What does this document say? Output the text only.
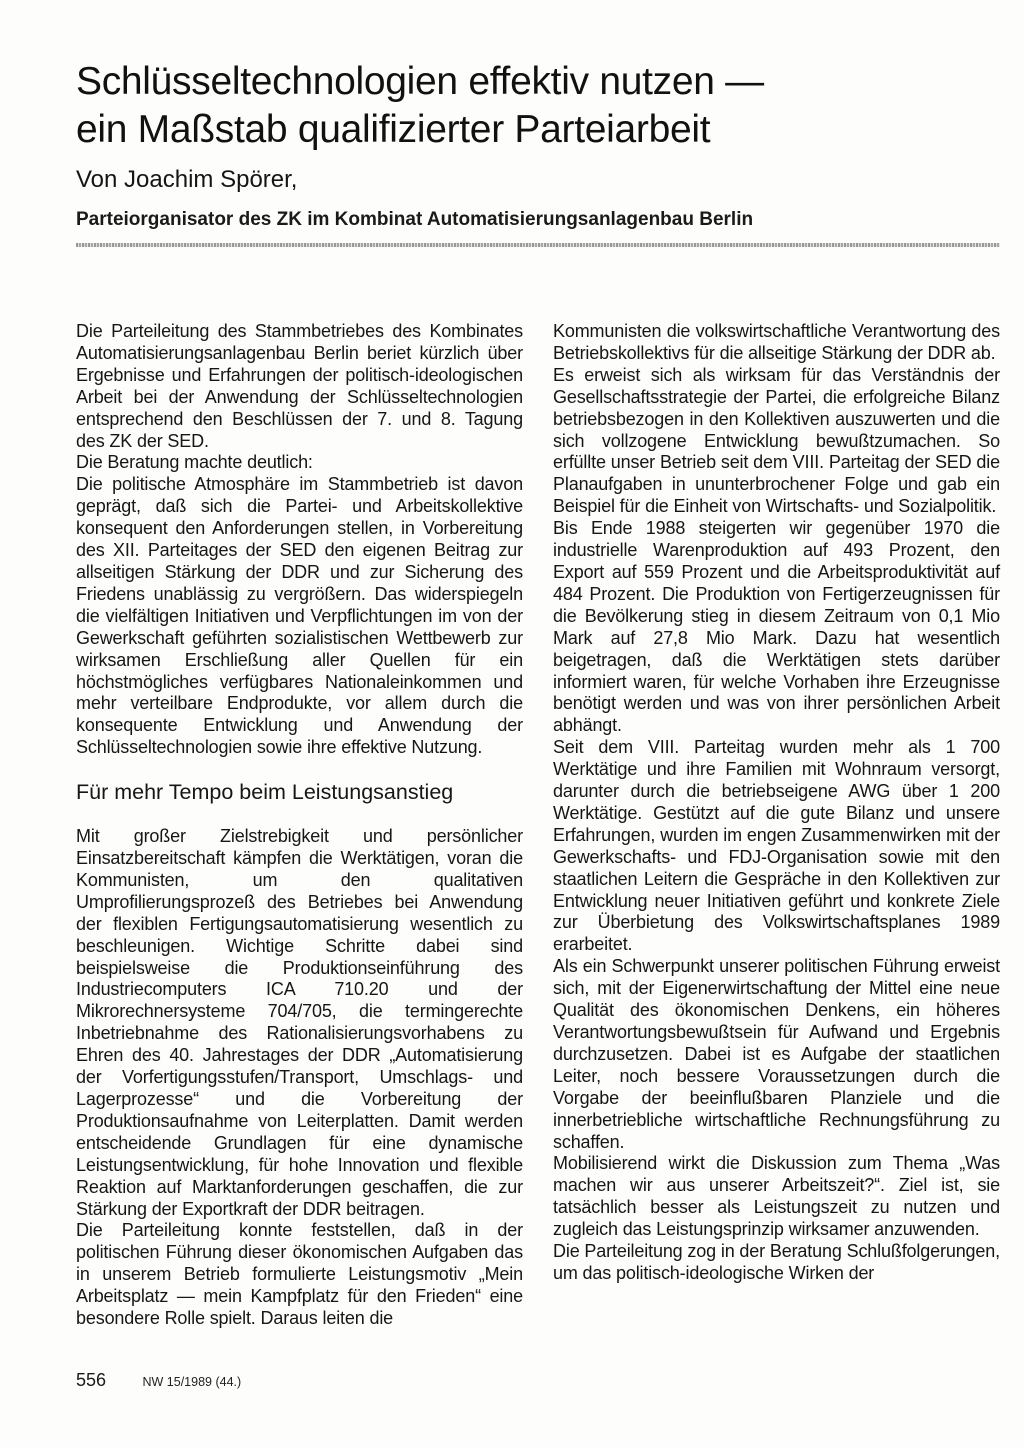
Schlüsseltechnologien effektiv nutzen —
ein Maßstab qualifizierter Parteiarbeit
Von Joachim Spörer,
Parteiorganisator des ZK im Kombinat Automatisierungsanlagenbau Berlin

Die Parteileitung des Stammbetriebes des Kombinates Automatisierungsanlagenbau Berlin beriet kürzlich über Ergebnisse und Erfahrungen der politisch-ideologischen Arbeit bei der Anwendung der Schlüsseltechnologien entsprechend den Beschlüssen der 7. und 8. Tagung des ZK der SED.

Die Beratung machte deutlich:

Die politische Atmosphäre im Stammbetrieb ist davon geprägt, daß sich die Partei- und Arbeitskollektive konsequent den Anforderungen stellen, in Vorbereitung des XII. Parteitages der SED den eigenen Beitrag zur allseitigen Stärkung der DDR und zur Sicherung des Friedens unablässig zu vergrößern. Das widerspiegeln die vielfältigen Initiativen und Verpflichtungen im von der Gewerkschaft geführten sozialistischen Wettbewerb zur wirksamen Erschließung aller Quellen für ein höchstmögliches verfügbares Nationaleinkommen und mehr verteilbare Endprodukte, vor allem durch die konsequente Entwicklung und Anwendung der Schlüsseltechnologien sowie ihre effektive Nutzung.

Für mehr Tempo beim Leistungsanstieg

Mit großer Zielstrebigkeit und persönlicher Einsatzbereitschaft kämpfen die Werktätigen, voran die Kommunisten, um den qualitativen Umprofilierungsprozeß des Betriebes bei Anwendung der flexiblen Fertigungsautomatisierung wesentlich zu beschleunigen. Wichtige Schritte dabei sind beispielsweise die Produktionseinführung des Industriecomputers ICA 710.20 und der Mikrorechnersysteme 704/705, die termingerechte Inbetriebnahme des Rationalisierungsvorhabens zu Ehren des 40. Jahrestages der DDR „Automatisierung der Vorfertigungsstufen/Transport, Umschlags- und Lagerprozesse“ und die Vorbereitung der Produktionsaufnahme von Leiterplatten. Damit werden entscheidende Grundlagen für eine dynamische Leistungsentwicklung, für hohe Innovation und flexible Reaktion auf Marktanforderungen geschaffen, die zur Stärkung der Exportkraft der DDR beitragen.

Die Parteileitung konnte feststellen, daß in der politischen Führung dieser ökonomischen Aufgaben das in unserem Betrieb formulierte Leistungsmotiv „Mein Arbeitsplatz — mein Kampfplatz für den Frieden“ eine besondere Rolle spielt. Daraus leiten die

Kommunisten die volkswirtschaftliche Verantwortung des Betriebskollektivs für die allseitige Stärkung der DDR ab.

Es erweist sich als wirksam für das Verständnis der Gesellschaftsstrategie der Partei, die erfolgreiche Bilanz betriebsbezogen in den Kollektiven auszuwerten und die sich vollzogene Entwicklung bewußtzumachen. So erfüllte unser Betrieb seit dem VIII. Parteitag der SED die Planaufgaben in ununterbrochener Folge und gab ein Beispiel für die Einheit von Wirtschafts- und Sozialpolitik.

Bis Ende 1988 steigerten wir gegenüber 1970 die industrielle Warenproduktion auf 493 Prozent, den Export auf 559 Prozent und die Arbeitsproduktivität auf 484 Prozent. Die Produktion von Fertigerzeugnissen für die Bevölkerung stieg in diesem Zeitraum von 0,1 Mio Mark auf 27,8 Mio Mark. Dazu hat wesentlich beigetragen, daß die Werktätigen stets darüber informiert waren, für welche Vorhaben ihre Erzeugnisse benötigt werden und was von ihrer persönlichen Arbeit abhängt.

Seit dem VIII. Parteitag wurden mehr als 1 700 Werktätige und ihre Familien mit Wohnraum versorgt, darunter durch die betriebseigene AWG über 1 200 Werktätige. Gestützt auf die gute Bilanz und unsere Erfahrungen, wurden im engen Zusammenwirken mit der Gewerkschafts- und FDJ-Organisation sowie mit den staatlichen Leitern die Gespräche in den Kollektiven zur Entwicklung neuer Initiativen geführt und konkrete Ziele zur Überbietung des Volkswirtschaftsplanes 1989 erarbeitet.

Als ein Schwerpunkt unserer politischen Führung erweist sich, mit der Eigenerwirtschaftung der Mittel eine neue Qualität des ökonomischen Denkens, ein höheres Verantwortungsbewußtsein für Aufwand und Ergebnis durchzusetzen. Dabei ist es Aufgabe der staatlichen Leiter, noch bessere Voraussetzungen durch die Vorgabe der beeinflußbaren Planziele und die innerbetriebliche wirtschaftliche Rechnungsführung zu schaffen.

Mobilisierend wirkt die Diskussion zum Thema „Was machen wir aus unserer Arbeitszeit?“. Ziel ist, sie tatsächlich besser als Leistungszeit zu nutzen und zugleich das Leistungsprinzip wirksamer anzuwenden.

Die Parteileitung zog in der Beratung Schlußfolgerungen, um das politisch-ideologische Wirken der

556	NW 15/1989 (44.)
